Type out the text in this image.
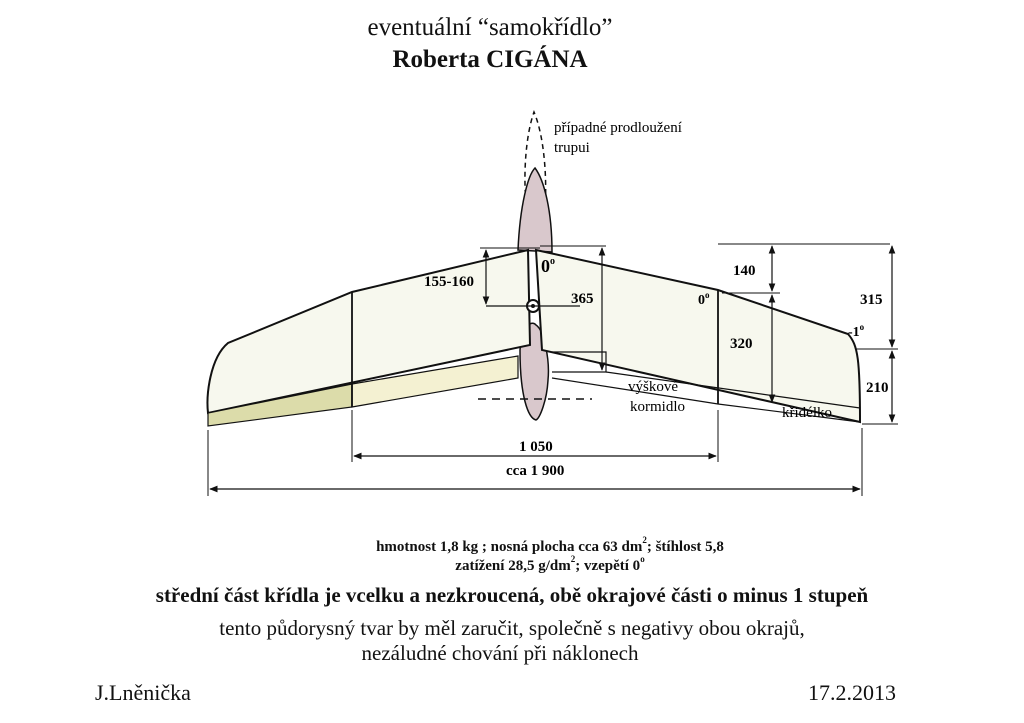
eventuální “samokřídlo”
Roberta CIGÁNA
případné prodloužení
trupui
0$^o$
155-160
365	0$^o$
140
320
315
-1$^o$
210
výškové
kormidlo	křidélko
1 050
cca 1 900
hmotnost 1,8 kg ; nosná plocha cca 63 $dm^2$; štíhlost 5,8
zatížení 28,5 $g/dm^2$; vzepětí 0$^o$
střední část křídla je vcelku a nezkroucená, obě okrajové části o minus 1 stupeň
tento půdorysný tvar by měl zaručit, společně s negativy obou okrajů,
nezáludné chování při náklonech
J.Lněnička	17.2.2013
